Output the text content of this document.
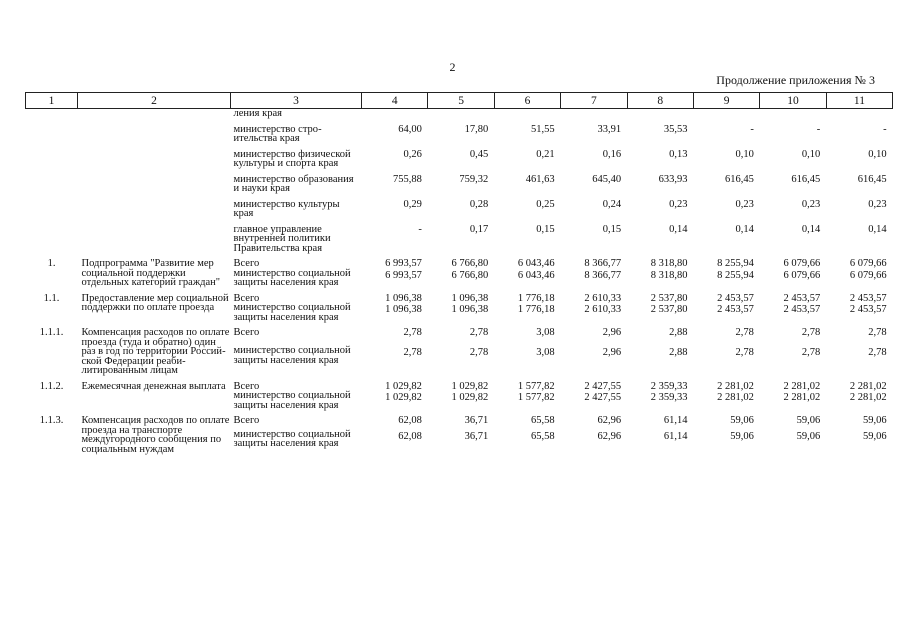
2
Продолжение приложения № 3
1	2	3	4	5	6	7	8	9	10	11
		ления края								
		министерство строительства края	64,00	17,80	51,55	33,91	35,53	-	-	-
		министерство физической культуры и спорта края	0,26	0,45	0,21	0,16	0,13	0,10	0,10	0,10
		министерство образования и науки края	755,88	759,32	461,63	645,40	633,93	616,45	616,45	616,45
		министерство культуры края	0,29	0,28	0,25	0,24	0,23	0,23	0,23	0,23
		главное управление внутренней политики Правительства края	-	0,17	0,15	0,15	0,14	0,14	0,14	0,14
1.	Подпрограмма "Развитие мер социальной поддержки отдельных категорий граждан"	Всего	6 993,57	6 766,80	6 043,46	8 366,77	8 318,80	8 255,94	6 079,66	6 079,66
		министерство социальной защиты населения края	6 993,57	6 766,80	6 043,46	8 366,77	8 318,80	8 255,94	6 079,66	6 079,66
1.1.	Предоставление мер социальной поддержки по оплате проезда	Всего	1 096,38	1 096,38	1 776,18	2 610,33	2 537,80	2 453,57	2 453,57	2 453,57
		министерство социальной защиты населения края	1 096,38	1 096,38	1 776,18	2 610,33	2 537,80	2 453,57	2 453,57	2 453,57
1.1.1.	Компенсация расходов по оплате проезда (туда и обратно) один раз в год по территории Российской Федерации реабилитированным лицам	Всего	2,78	2,78	3,08	2,96	2,88	2,78	2,78	2,78
		министерство социальной защиты населения края	2,78	2,78	3,08	2,96	2,88	2,78	2,78	2,78
1.1.2.	Ежемесячная денежная выплата	Всего	1 029,82	1 029,82	1 577,82	2 427,55	2 359,33	2 281,02	2 281,02	2 281,02
		министерство социальной защиты населения края	1 029,82	1 029,82	1 577,82	2 427,55	2 359,33	2 281,02	2 281,02	2 281,02
1.1.3.	Компенсация расходов по оплате проезда на транспорте междугородного сообщения по социальным нуждам	Всего	62,08	36,71	65,58	62,96	61,14	59,06	59,06	59,06
		министерство социальной защиты населения края	62,08	36,71	65,58	62,96	61,14	59,06	59,06	59,06
